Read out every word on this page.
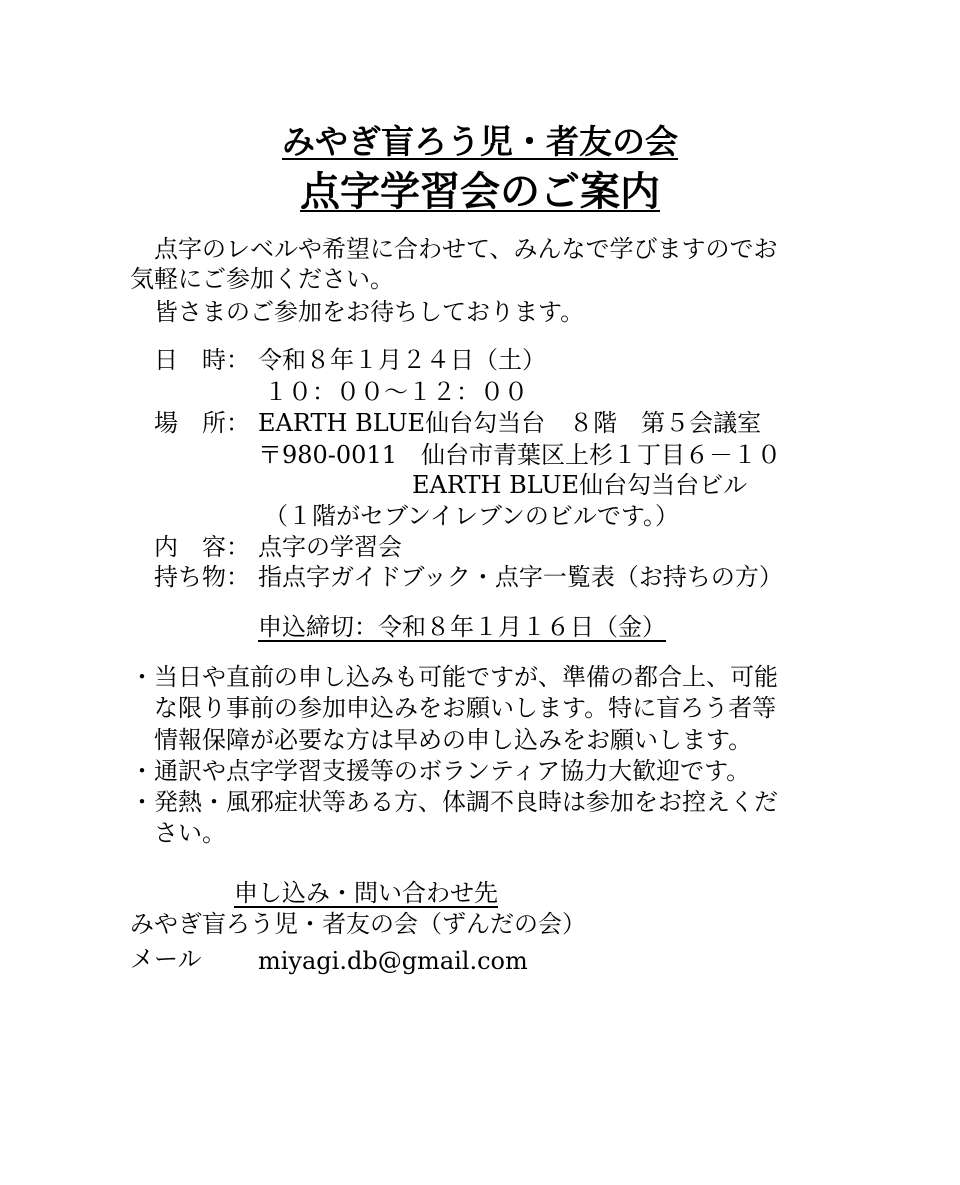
みやぎ盲ろう児・者友の会
点字学習会のご案内

点字のレベルや希望に合わせて、みんなで学びますのでお

気軽にご参加ください。

皆さまのご参加をお待ちしております。

日　時： 令和８年１月２４日（土）

１０：００〜１２：００

場　所： EARTH BLUE仙台勾当台　８階　第５会議室

〒980-0011　仙台市青葉区上杉１丁目６－１０

EARTH BLUE仙台勾当台ビル

（１階がセブンイレブンのビルです。）

内　容： 点字の学習会

持ち物： 指点字ガイドブック・点字一覧表（お持ちの方）

申込締切：令和８年１月１６日（金）

・当日や直前の申し込みも可能ですが、準備の都合上、可能

な限り事前の参加申込みをお願いします。特に盲ろう者等

情報保障が必要な方は早めの申し込みをお願いします。

・通訳や点字学習支援等のボランティア協力大歓迎です。

・発熱・風邪症状等ある方、体調不良時は参加をお控えくだ

さい。

申し込み・問い合わせ先

みやぎ盲ろう児・者友の会（ずんだの会）

メール miyagi.db@gmail.com
